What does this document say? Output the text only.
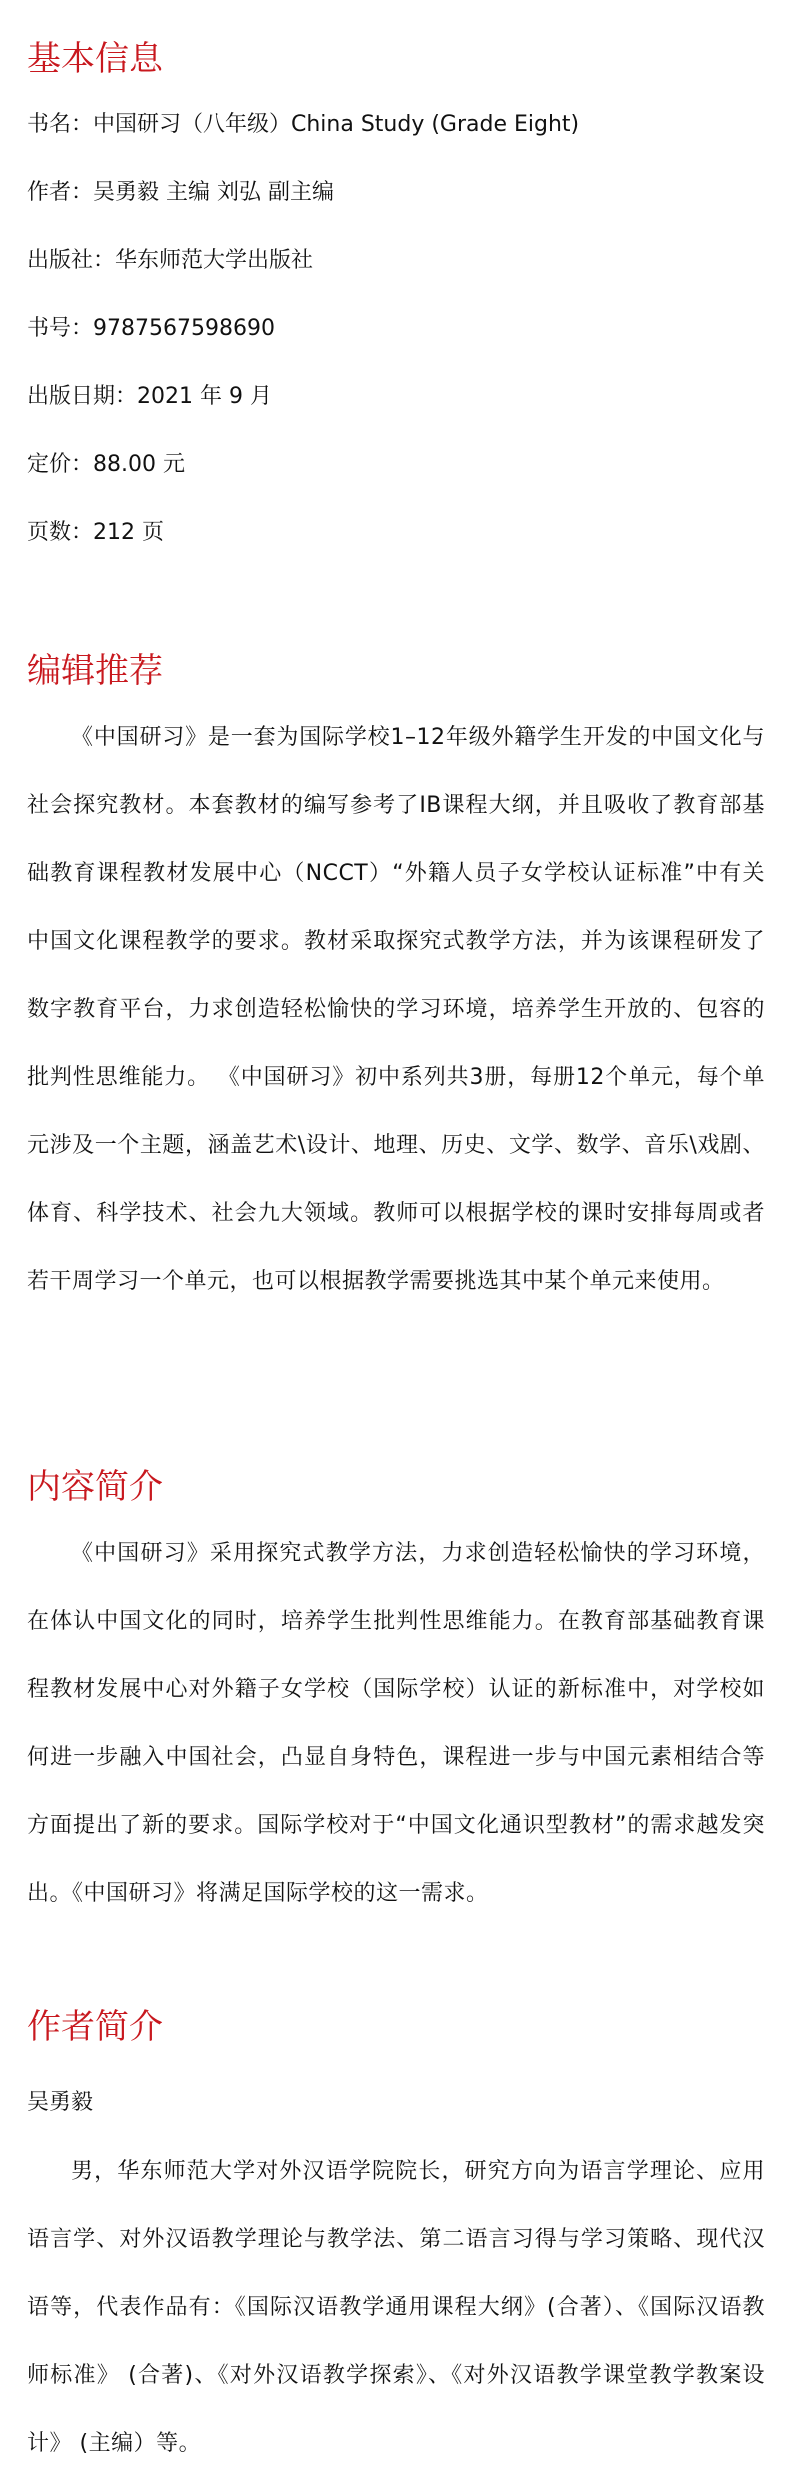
基本信息

书名：中国研习（八年级）China Study (Grade Eight)

作者：吴勇毅 主编 刘弘 副主编

出版社：华东师范大学出版社

书号：9787567598690

出版日期：2021 年 9 月

定价：88.00 元

页数：212 页

编辑推荐

《中国研习》是一套为国际学校1–12年级外籍学生开发的中国文化与社会探究教材。本套教材的编写参考了IB课程大纲，并且吸收了教育部基础教育课程教材发展中心（NCCT）“外籍人员子女学校认证标准”中有关中国文化课程教学的要求。教材采取探究式教学方法，并为该课程研发了数字教育平台，力求创造轻松愉快的学习环境，培养学生开放的、包容的批判性思维能力。 《中国研习》初中系列共3册，每册12个单元，每个单元涉及一个主题，涵盖艺术\设计、地理、历史、文学、数学、音乐\戏剧、体育、科学技术、社会九大领域。教师可以根据学校的课时安排每周或者若干周学习一个单元，也可以根据教学需要挑选其中某个单元来使用。

内容简介

《中国研习》采用探究式教学方法，力求创造轻松愉快的学习环境，在体认中国文化的同时，培养学生批判性思维能力。在教育部基础教育课程教材发展中心对外籍子女学校（国际学校）认证的新标准中，对学校如何进一步融入中国社会，凸显自身特色，课程进一步与中国元素相结合等方面提出了新的要求。国际学校对于“中国文化通识型教材”的需求越发突出。《中国研习》将满足国际学校的这一需求。

作者简介

吴勇毅

男，华东师范大学对外汉语学院院长，研究方向为语言学理论、应用语言学、对外汉语教学理论与教学法、第二语言习得与学习策略、现代汉语等，代表作品有：《国际汉语教学通用课程大纲》(合著）、《国际汉语教师标准》 (合著)、《对外汉语教学探索》、《对外汉语教学课堂教学教案设计》 (主编）等。
